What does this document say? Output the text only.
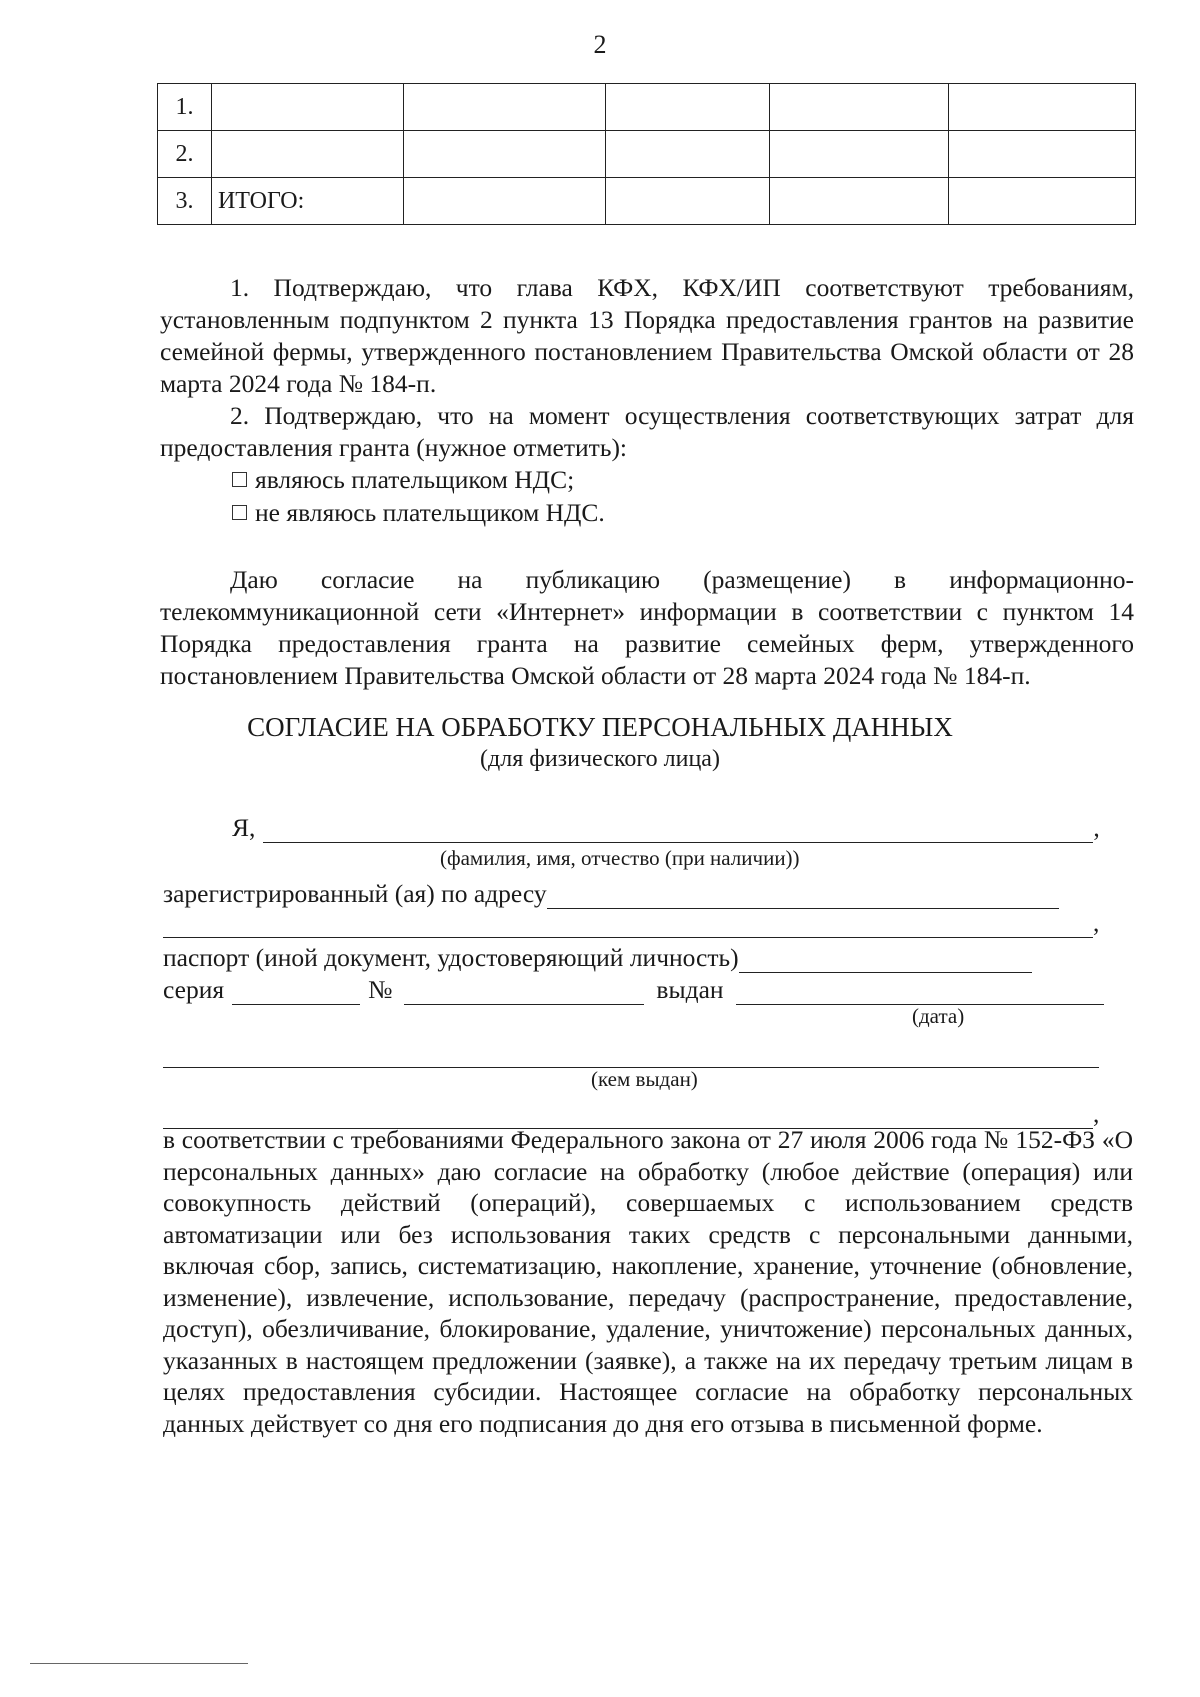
2
1.					
2.					
3.	ИТОГО:				

1. Подтверждаю, что глава КФХ, КФХ/ИП соответствуют требованиям, установленным подпунктом 2 пункта 13 Порядка предоставления грантов на развитие семейной фермы, утвержденного постановлением Правительства Омской области от 28 марта 2024 года № 184-п.

2. Подтверждаю, что на момент осуществления соответствующих затрат для предоставления гранта (нужное отметить):

являюсь плательщиком НДС;
не являюсь плательщиком НДС.

Даю согласие на публикацию (размещение) в информационно-телекоммуникационной сети «Интернет» информации в соответствии с пунктом 14 Порядка предоставления гранта на развитие семейных ферм, утвержденного постановлением Правительства Омской области от 28 марта 2024 года № 184-п.

СОГЛАСИЕ НА ОБРАБОТКУ ПЕРСОНАЛЬНЫХ ДАННЫХ
(для физического лица)
Я,	,
(фамилия, имя, отчество (при наличии))
зарегистрированный (ая) по адресу
,
паспорт (иной документ, удостоверяющий личность)
серия	№	выдан
(дата)
(кем выдан)
,
в соответствии с требованиями Федерального закона от 27 июля 2006 года № 152-ФЗ «О персональных данных» даю согласие на обработку (любое действие (операция) или совокупность действий (операций), совершаемых с использованием средств автоматизации или без использования таких средств с персональными данными, включая сбор, запись, систематизацию, накопление, хранение, уточнение (обновление, изменение), извлечение, использование, передачу (распространение, предоставление, доступ), обезличивание, блокирование, удаление, уничтожение) персональных данных, указанных в настоящем предложении (заявке), а также на их передачу третьим лицам в целях предоставления субсидии. Настоящее согласие на обработку персональных данных действует со дня его подписания до дня его отзыва в письменной форме.
